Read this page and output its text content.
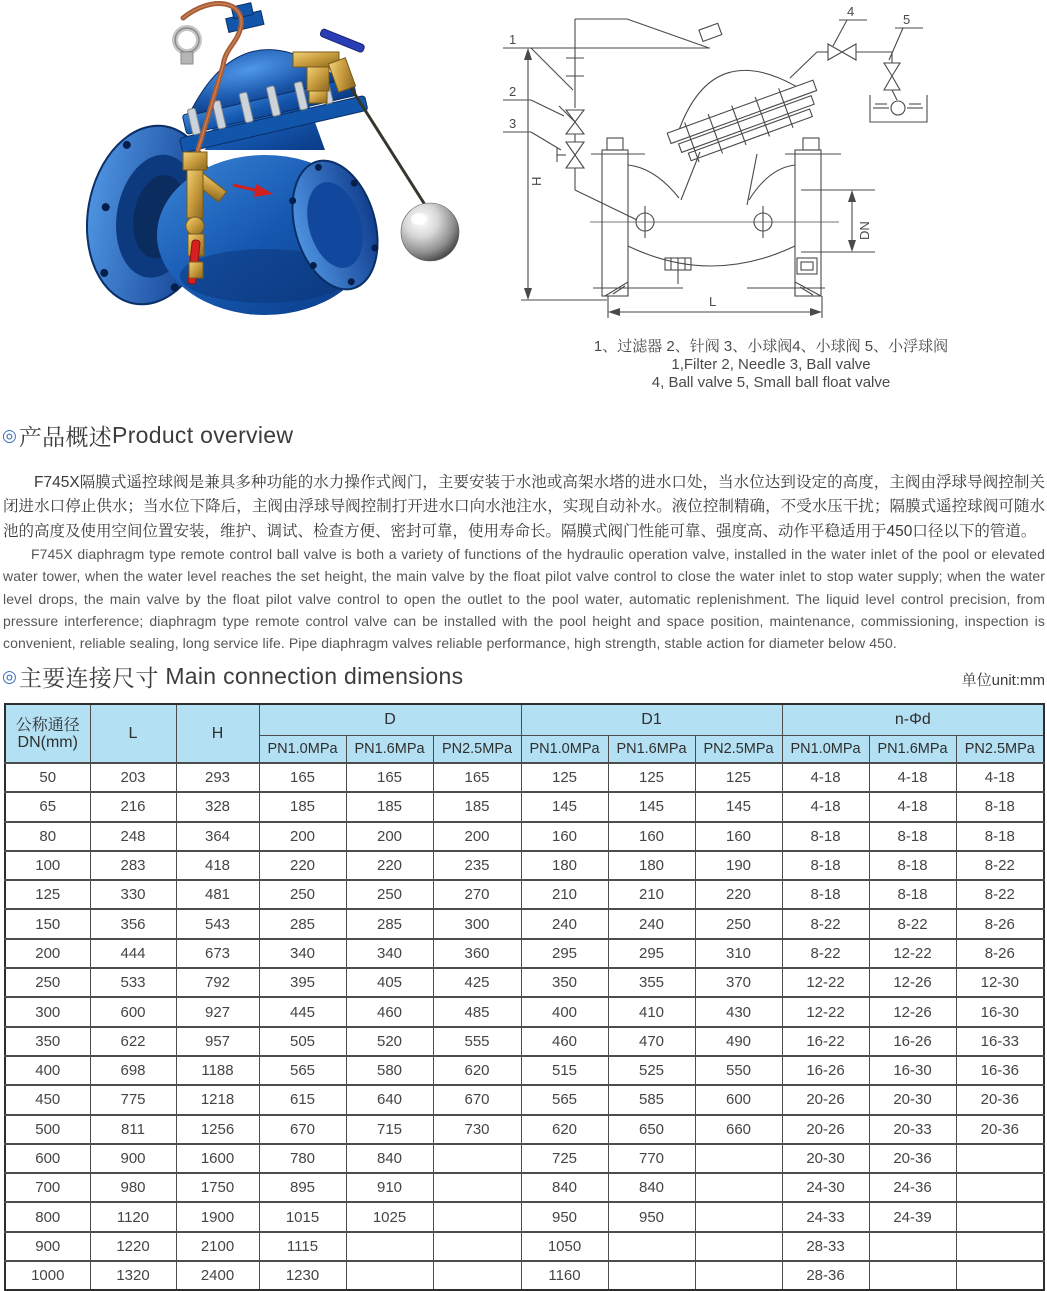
H
1
2
3
4
5
DN
L
1、过滤器 2、针阀 3、小球阀4、小球阀 5、小浮球阀
1,Filter 2, Needle 3, Ball valve
4, Ball valve 5, Small ball float valve
◎ 产品概述 Product overview

F745X隔膜式遥控球阀是兼具多种功能的水力操作式阀门，主要安装于水池或高架水塔的进水口处，当水位达到设定的高度，主阀由浮球导阀控制关闭进水口停止供水；当水位下降后，主阀由浮球导阀控制打开进水口向水池注水，实现自动补水。液位控制精确，不受水压干扰；隔膜式遥控球阀可随水池的高度及使用空间位置安装，维护、调试、检查方便、密封可靠，使用寿命长。隔膜式阀门性能可靠、强度高、动作平稳适用于450口径以下的管道。

F745X diaphragm type remote control ball valve is both a variety of functions of the hydraulic operation valve, installed in the water inlet of the pool or elevated water tower, when the water level reaches the set height, the main valve by the float pilot valve control to close the water inlet to stop water supply; when the water level drops, the main valve by the float pilot valve control to open the outlet to the pool water, automatic replenishment. The liquid level control precision, from pressure interference; diaphragm type remote control valve can be installed with the pool height and space position, maintenance, commissioning, inspection is convenient, reliable sealing, long service life. Pipe diaphragm valves reliable performance, high strength, stable action for diameter below 450.

◎ 主要连接尺寸 Main connection dimensions	单位unit:mm
公称通径
DN(mm)	L	H	D			D1			n-Φd		
			PN1.0MPa	PN1.6MPa	PN2.5MPa	PN1.0MPa	PN1.6MPa	PN2.5MPa	PN1.0MPa	PN1.6MPa	PN2.5MPa
50	203	293	165	165	165	125	125	125	4-18	4-18	4-18
65	216	328	185	185	185	145	145	145	4-18	4-18	8-18
80	248	364	200	200	200	160	160	160	8-18	8-18	8-18
100	283	418	220	220	235	180	180	190	8-18	8-18	8-22
125	330	481	250	250	270	210	210	220	8-18	8-18	8-22
150	356	543	285	285	300	240	240	250	8-22	8-22	8-26
200	444	673	340	340	360	295	295	310	8-22	12-22	8-26
250	533	792	395	405	425	350	355	370	12-22	12-26	12-30
300	600	927	445	460	485	400	410	430	12-22	12-26	16-30
350	622	957	505	520	555	460	470	490	16-22	16-26	16-33
400	698	1188	565	580	620	515	525	550	16-26	16-30	16-36
450	775	1218	615	640	670	565	585	600	20-26	20-30	20-36
500	811	1256	670	715	730	620	650	660	20-26	20-33	20-36
600	900	1600	780	840		725	770		20-30	20-36	
700	980	1750	895	910		840	840		24-30	24-36	
800	1120	1900	1015	1025		950	950		24-33	24-39	
900	1220	2100	1115			1050			28-33		
1000	1320	2400	1230			1160			28-36		
